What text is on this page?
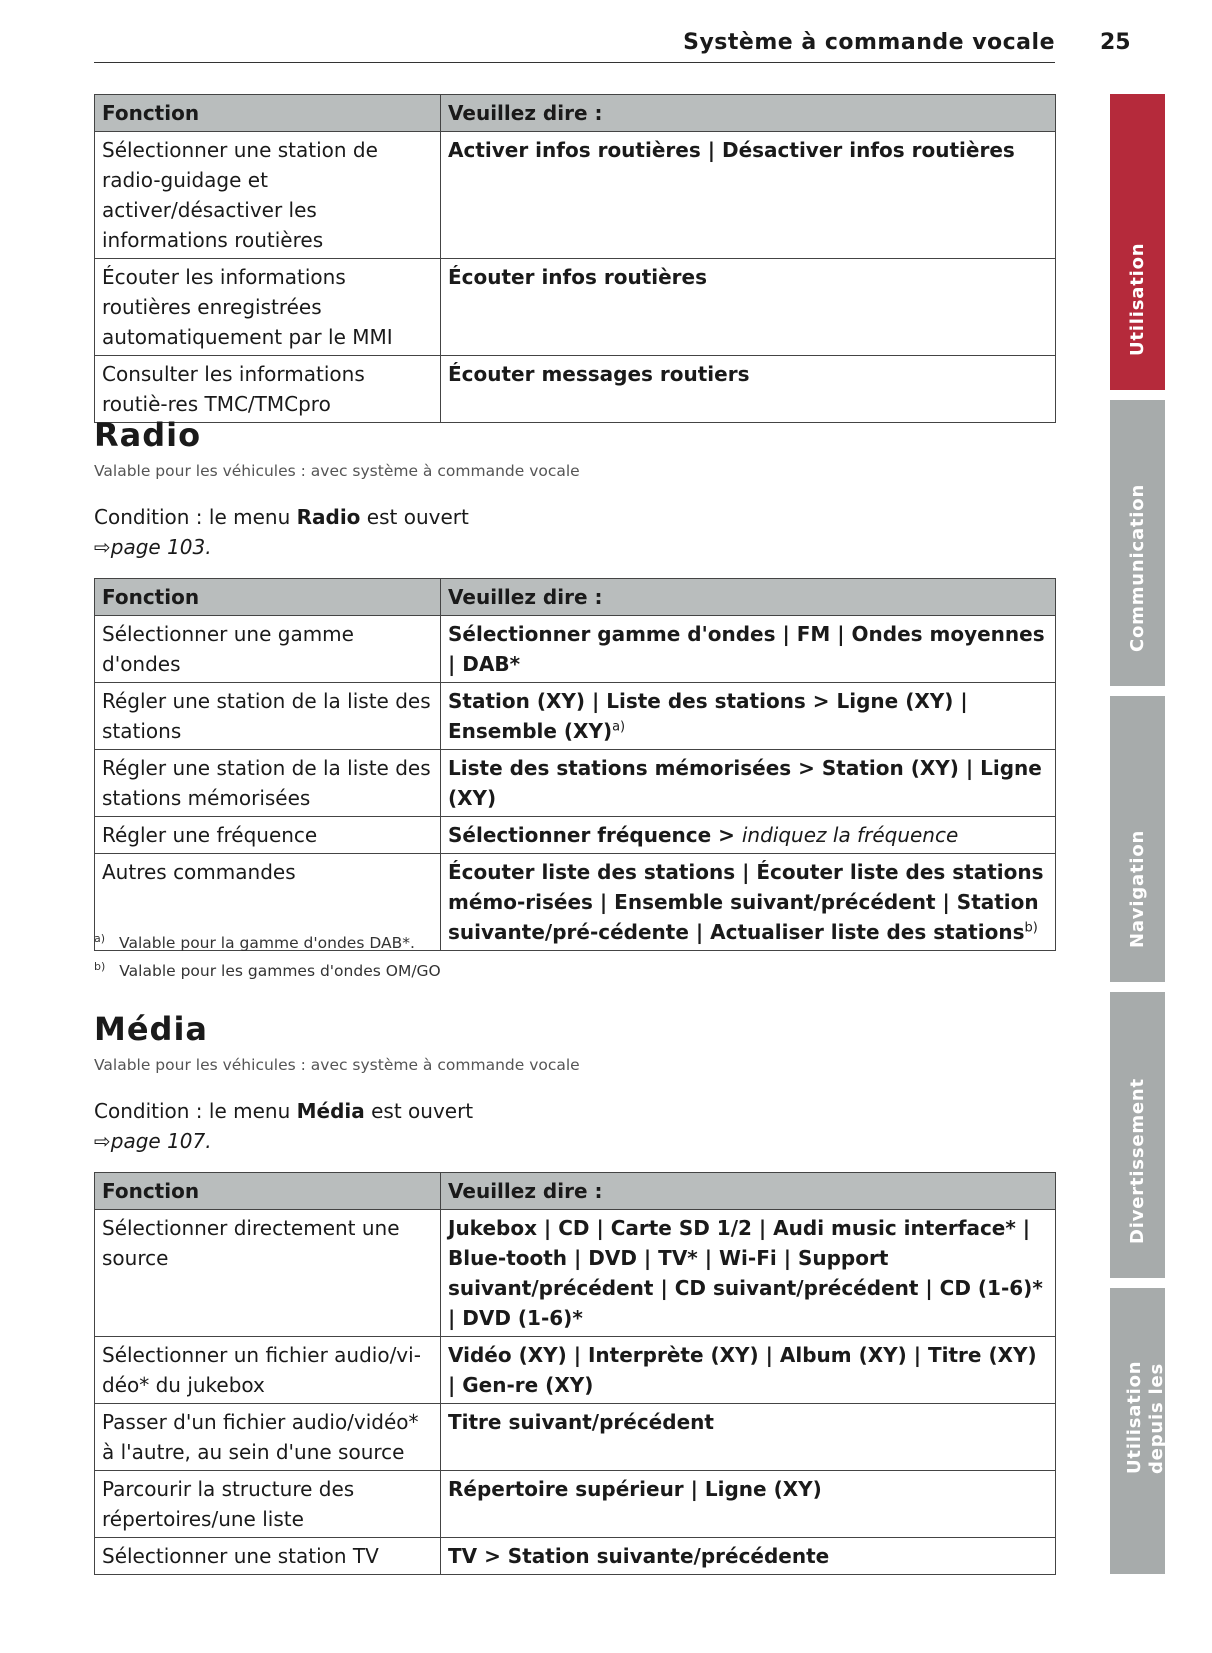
Système à commande vocale 25
Utilisation
Communication
Navigation
Divertissement
Utilisation depuis les
places arrière
Fonction	Veuillez dire :
Sélectionner une station de radio-guidage et activer/désactiver les informations routières	Activer infos routières | Désactiver infos routières
Écouter les informations routières enregistrées automatiquement par le MMI	Écouter infos routières
Consulter les informations routiè-res TMC/TMCpro	Écouter messages routiers
Radio
Valable pour les véhicules : avec système à commande vocale
Condition : le menu Radio est ouvert
⇨page 103.
Fonction	Veuillez dire :
Sélectionner une gamme d'ondes	Sélectionner gamme d'ondes | FM | Ondes moyennes | DAB*
Régler une station de la liste des stations	Station (XY) | Liste des stations > Ligne (XY) | Ensemble (XY)$^{a)}$
Régler une station de la liste des stations mémorisées	Liste des stations mémorisées > Station (XY) | Ligne (XY)
Régler une fréquence	Sélectionner fréquence > indiquez la fréquence
Autres commandes	Écouter liste des stations | Écouter liste des stations mémo-risées | Ensemble suivant/précédent | Station suivante/pré-cédente | Actualiser liste des stations$^{b)}$
$^{a)}$ Valable pour la gamme d'ondes DAB*.
$^{b)}$ Valable pour les gammes d'ondes OM/GO
Média
Valable pour les véhicules : avec système à commande vocale
Condition : le menu Média est ouvert
⇨page 107.
Fonction	Veuillez dire :
Sélectionner directement une source	Jukebox | CD | Carte SD 1/2 | Audi music interface* | Blue-tooth | DVD | TV* | Wi-Fi | Support suivant/précédent | CD suivant/précédent | CD (1-6)* | DVD (1-6)*
Sélectionner un fichier audio/vi-déo* du jukebox	Vidéo (XY) | Interprète (XY) | Album (XY) | Titre (XY) | Gen-re (XY)
Passer d'un fichier audio/vidéo* à l'autre, au sein d'une source	Titre suivant/précédent
Parcourir la structure des répertoires/une liste	Répertoire supérieur | Ligne (XY)
Sélectionner une station TV	TV > Station suivante/précédente
